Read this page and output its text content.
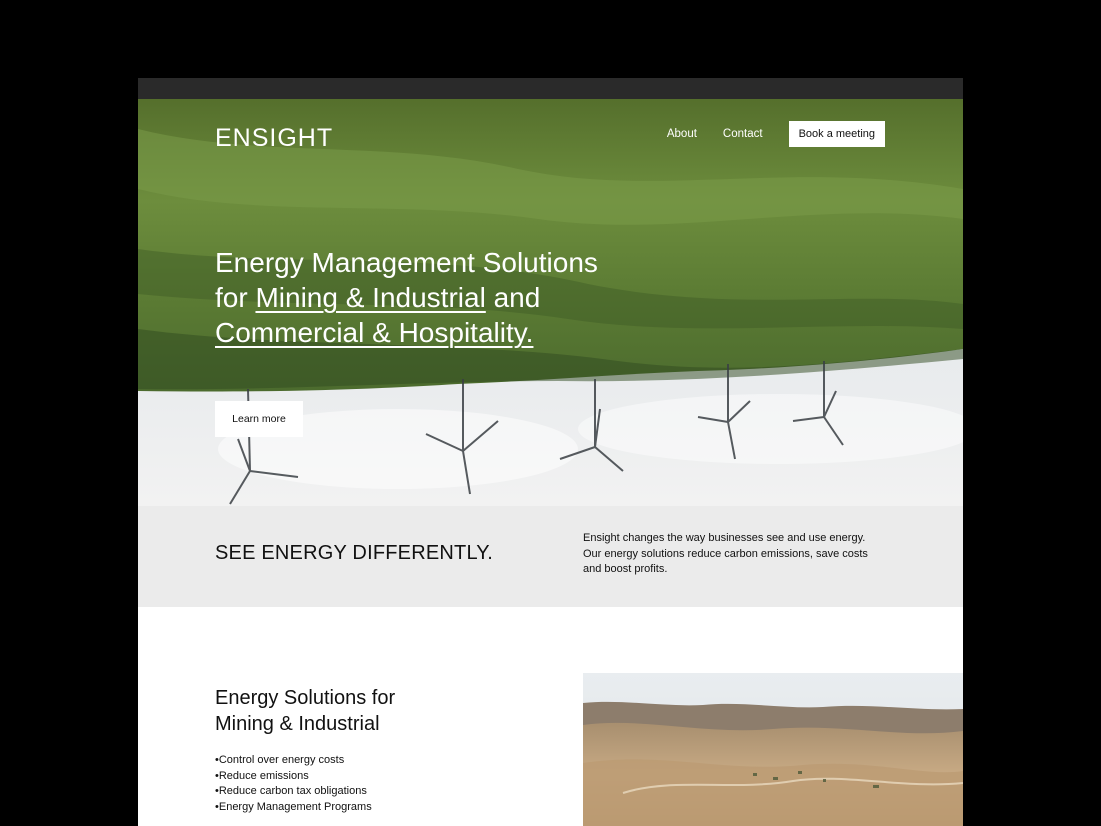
ENSIGHT	About Contact	Book a meeting
Energy Management Solutions
for Mining & Industrial and
Commercial & Hospitality.
Learn more
SEE ENERGY DIFFERENTLY.

Ensight changes the way businesses see and use energy. Our energy solutions reduce carbon emissions, save costs and boost profits.

Energy Solutions for Mining & Industrial
• Control over energy costs
• Reduce emissions
• Reduce carbon tax obligations
• Energy Management Programs
